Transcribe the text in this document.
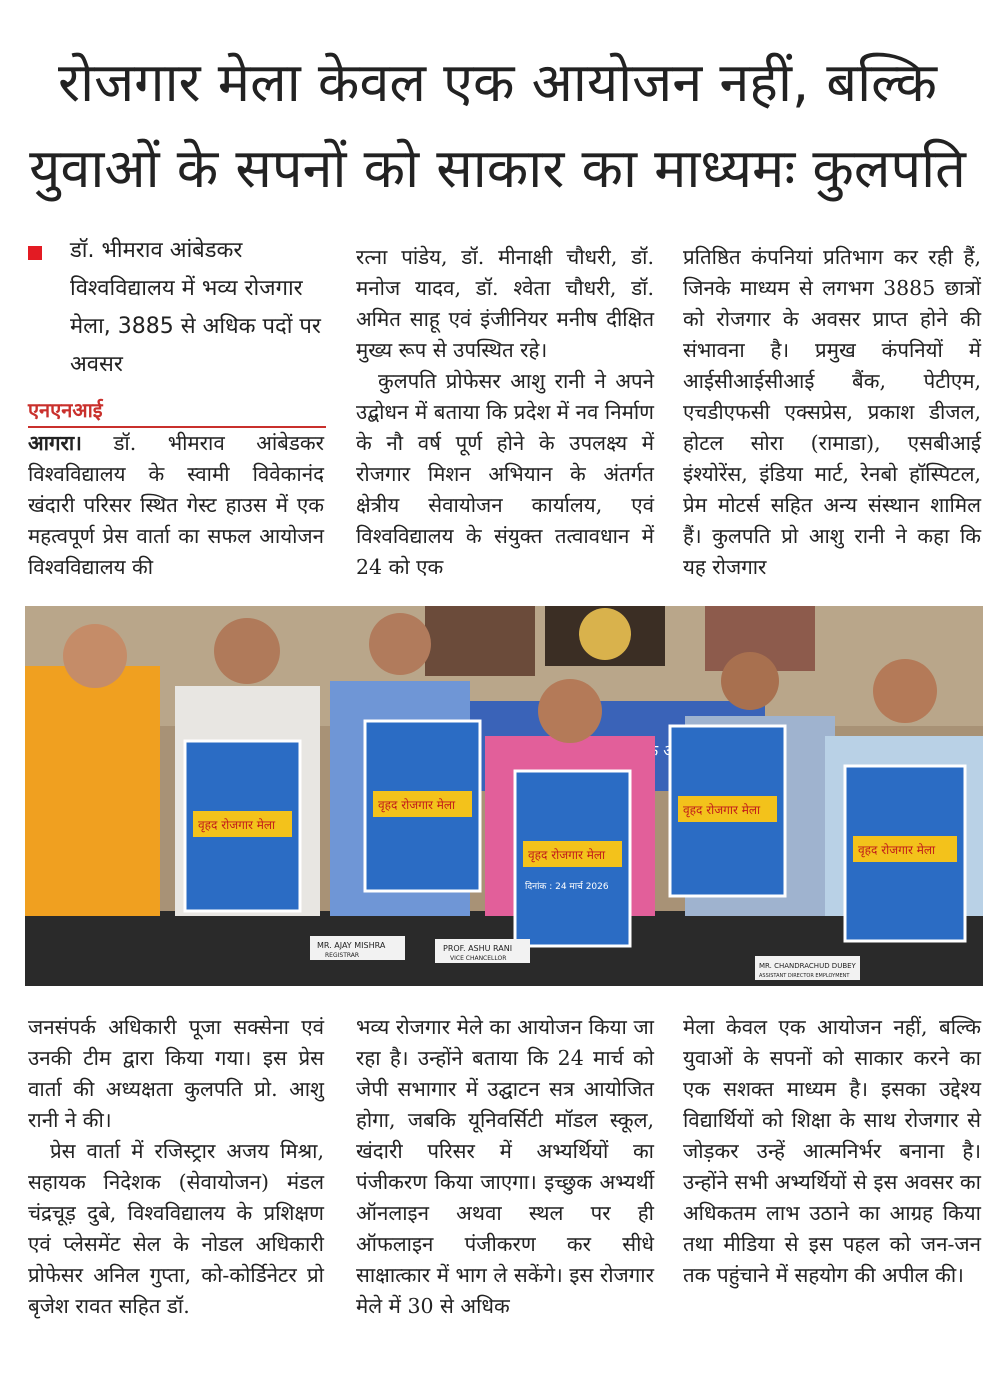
रोजगार मेला केवल एक आयोजन नहीं, बल्कि
युवाओं के सपनों को साकार का माध्यमः कुलपति
डॉ. भीमराव आंबेडकर विश्वविद्यालय में भव्य रोजगार मेला, 3885 से अधिक पदों पर अवसर
एनएनआई

आगरा। डॉ. भीमराव आंबेडकर विश्वविद्यालय के स्वामी विवेकानंद खंदारी परिसर स्थित गेस्ट हाउस में एक महत्वपूर्ण प्रेस वार्ता का सफल आयोजन विश्वविद्यालय की

रत्ना पांडेय, डॉ. मीनाक्षी चौधरी, डॉ. मनोज यादव, डॉ. श्वेता चौधरी, डॉ. अमित साहू एवं इंजीनियर मनीष दीक्षित मुख्य रूप से उपस्थित रहे।

कुलपति प्रोफेसर आशु रानी ने अपने उद्बोधन में बताया कि प्रदेश में नव निर्माण के नौ वर्ष पूर्ण होने के उपलक्ष्य में रोजगार मिशन अभियान के अंतर्गत क्षेत्रीय सेवायोजन कार्यालय, एवं विश्वविद्यालय के संयुक्त तत्वावधान में 24 को एक

प्रतिष्ठित कंपनियां प्रतिभाग कर रही हैं, जिनके माध्यम से लगभग 3885 छात्रों को रोजगार के अवसर प्राप्त होने की संभावना है। प्रमुख कंपनियों में आईसीआईसीआई बैंक, पेटीएम, एचडीएफसी एक्सप्रेस, प्रकाश डीजल, होटल सोरा (रामाडा), एसबीआई इंश्योरेंस, इंडिया मार्ट, रेनबो हॉस्पिटल, प्रेम मोटर्स सहित अन्य संस्थान शामिल हैं। कुलपति प्रो आशु रानी ने कहा कि यह रोजगार

वृहद रोजगार मेला
वृहद रोजगार मेला
वृहद रोजगार मेला
दिनांक : 24 मार्च 2026
वृहद रोजगार मेला
वृहद रोजगार मेला
MR. AJAY MISHRA
REGISTRAR
PROF. ASHU RANI
VICE CHANCELLOR
MR. CHANDRACHUD DUBEY
ASSISTANT DIRECTOR EMPLOYMENT

जनसंपर्क अधिकारी पूजा सक्सेना एवं उनकी टीम द्वारा किया गया। इस प्रेस वार्ता की अध्यक्षता कुलपति प्रो. आशु रानी ने की।

प्रेस वार्ता में रजिस्ट्रार अजय मिश्रा, सहायक निदेशक (सेवायोजन) मंडल चंद्रचूड़ दुबे, विश्वविद्यालय के प्रशिक्षण एवं प्लेसमेंट सेल के नोडल अधिकारी प्रोफेसर अनिल गुप्ता, को-कोर्डिनेटर प्रो बृजेश रावत सहित डॉ.

भव्य रोजगार मेले का आयोजन किया जा रहा है। उन्होंने बताया कि 24 मार्च को जेपी सभागार में उद्घाटन सत्र आयोजित होगा, जबकि यूनिवर्सिटी मॉडल स्कूल, खंदारी परिसर में अभ्यर्थियों का पंजीकरण किया जाएगा। इच्छुक अभ्यर्थी ऑनलाइन अथवा स्थल पर ही ऑफलाइन पंजीकरण कर सीधे साक्षात्कार में भाग ले सकेंगे। इस रोजगार मेले में 30 से अधिक

मेला केवल एक आयोजन नहीं, बल्कि युवाओं के सपनों को साकार करने का एक सशक्त माध्यम है। इसका उद्देश्य विद्यार्थियों को शिक्षा के साथ रोजगार से जोड़कर उन्हें आत्मनिर्भर बनाना है। उन्होंने सभी अभ्यर्थियों से इस अवसर का अधिकतम लाभ उठाने का आग्रह किया तथा मीडिया से इस पहल को जन-जन तक पहुंचाने में सहयोग की अपील की।
